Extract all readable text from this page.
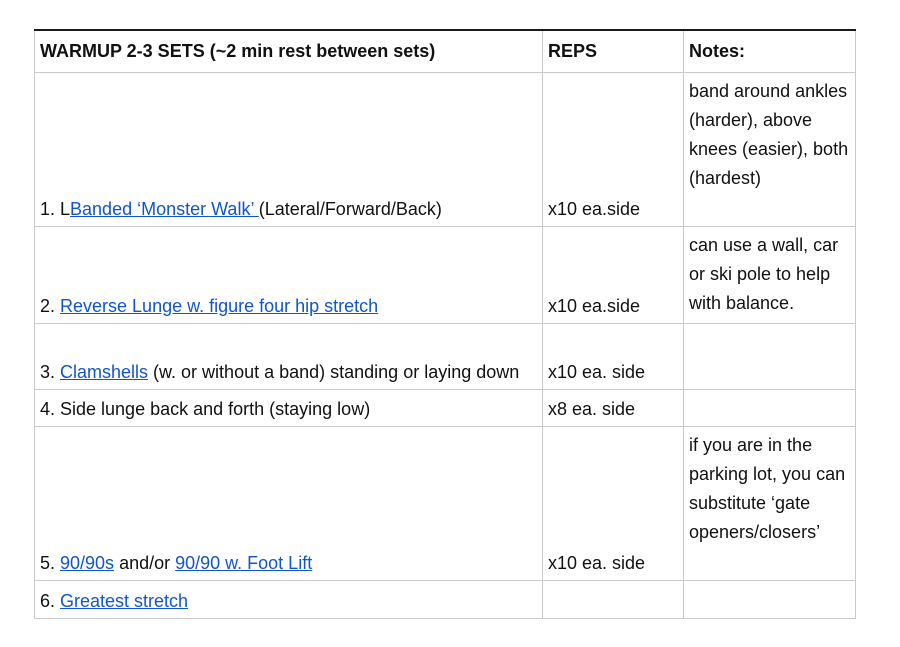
WARMUP 2-3 SETS (~2 min rest between sets)	REPS	Notes:
1. LBanded ‘Monster Walk’ (Lateral/Forward/Back)	x10 ea.side	band around ankles (harder), above knees (easier), both (hardest)
2. Reverse Lunge w. figure four hip stretch	x10 ea.side	can use a wall, car or ski pole to help with balance.
3. Clamshells (w. or without a band) standing or laying down	x10 ea. side	
4. Side lunge back and forth (staying low)	x8 ea. side	
5. 90/90s and/or 90/90 w. Foot Lift	x10 ea. side	if you are in the parking lot, you can substitute ‘gate openers/closers’
6. Greatest stretch		
